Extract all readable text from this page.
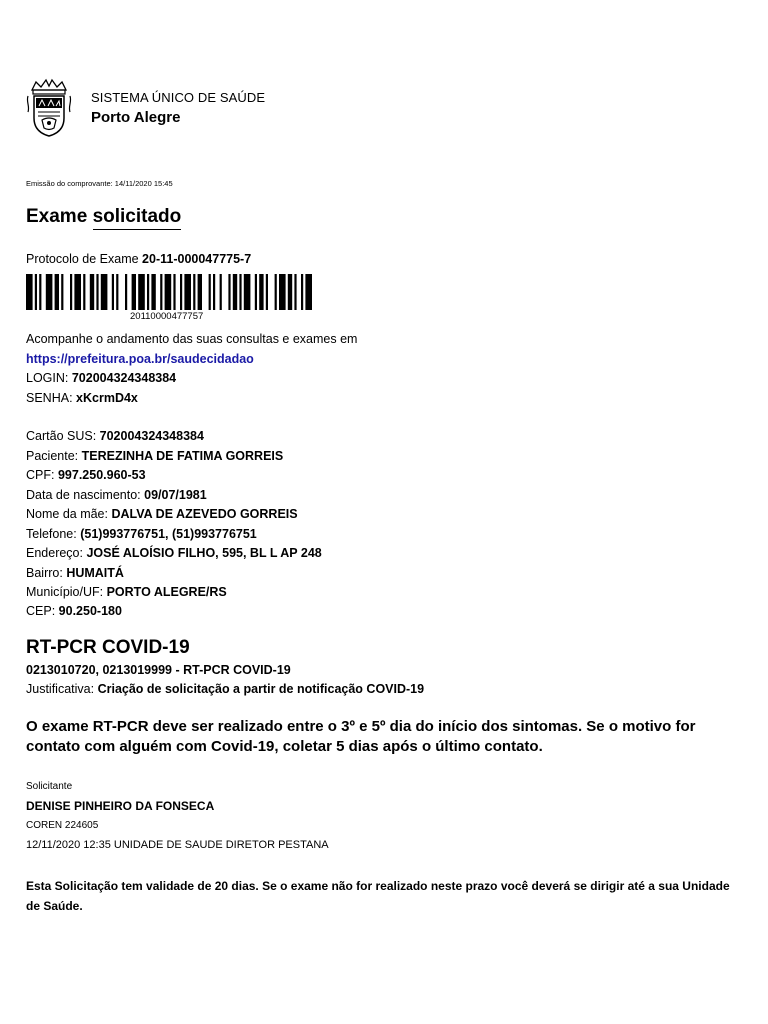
SISTEMA ÚNICO DE SAÚDE
Porto Alegre
Emissão do comprovante: 14/11/2020 15:45
Exame solicitado
Protocolo de Exame 20-11-000047775-7
20110000477757
Acompanhe o andamento das suas consultas e exames em
https://prefeitura.poa.br/saudecidadao
LOGIN: 702004324348384
SENHA: xKcrmD4x
Cartão SUS: 702004324348384
Paciente: TEREZINHA DE FATIMA GORREIS
CPF: 997.250.960-53
Data de nascimento: 09/07/1981
Nome da mãe: DALVA DE AZEVEDO GORREIS
Telefone: (51)993776751, (51)993776751
Endereço: JOSÉ ALOÍSIO FILHO, 595, BL L AP 248
Bairro: HUMAITÁ
Município/UF: PORTO ALEGRE/RS
CEP: 90.250-180
RT-PCR COVID-19
0213010720, 0213019999 - RT-PCR COVID-19
Justificativa: Criação de solicitação a partir de notificação COVID-19
O exame RT-PCR deve ser realizado entre o 3º e 5º dia do início dos sintomas. Se o motivo for contato com alguém com Covid-19, coletar 5 dias após o último contato.
Solicitante
DENISE PINHEIRO DA FONSECA
COREN 224605
12/11/2020 12:35 UNIDADE DE SAUDE DIRETOR PESTANA
Esta Solicitação tem validade de 20 dias. Se o exame não for realizado neste prazo você deverá se dirigir até a sua Unidade de Saúde.
